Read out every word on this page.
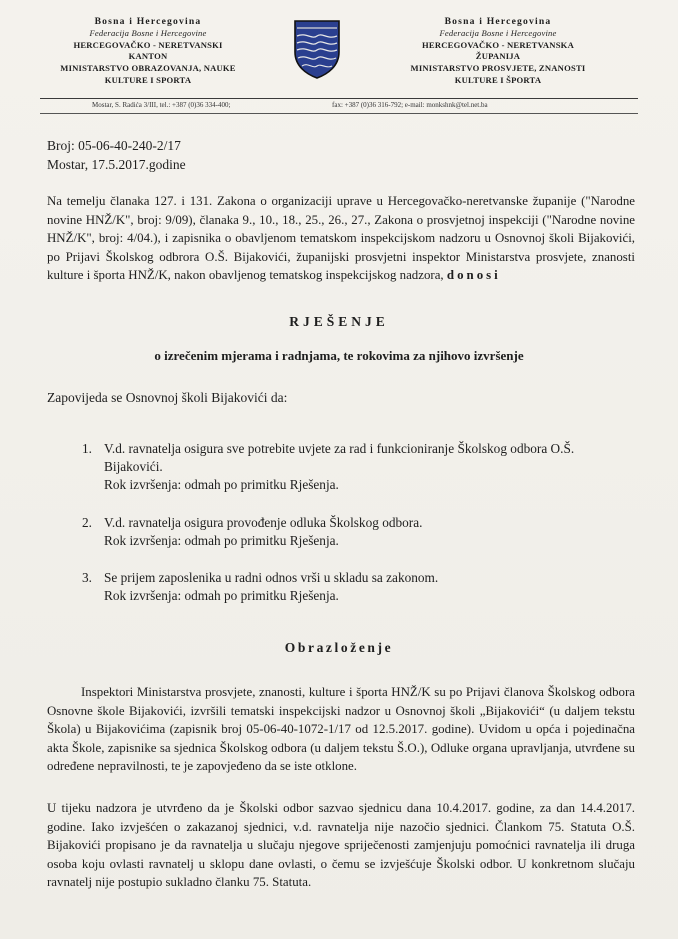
Bosna i Hercegovina
Federacija Bosne i Hercegovine
HERCEGOVAČKO - NERETVANSKI
KANTON
MINISTARSTVO OBRAZOVANJA, NAUKE
KULTURE I SPORTA
Bosna i Hercegovina
Federacija Bosne i Hercegovine
HERCEGOVAČKO - NERETVANSKA
ŽUPANIJA
MINISTARSTVO PROSVJETE, ZNANOSTI
KULTURE I ŠPORTA
Mostar, S. Radića 3/III, tel.: +387 (0)36 334-400;	fax: +387 (0)36 316-792; e-mail: monkshnk@tel.net.ba
Broj: 05-06-40-240-2/17
Mostar, 17.5.2017.godine
Na temelju članaka 127. i 131. Zakona o organizaciji uprave u Hercegovačko-neretvanske županije ("Narodne novine HNŽ/K", broj: 9/09), članaka 9., 10., 18., 25., 26., 27., Zakona o prosvjetnoj inspekciji ("Narodne novine HNŽ/K", broj: 4/04.), i zapisnika o obavljenom tematskom inspekcijskom nadzoru u Osnovnoj školi Bijakovići, po Prijavi Školskog odbrora O.Š. Bijakovići, županijski prosvjetni inspektor Ministarstva prosvjete, znanosti kulture i športa HNŽ/K, nakon obavljenog tematskog inspekcijskog nadzora, donosi
RJEŠENJE
o izrečenim mjerama i radnjama, te rokovima za njihovo izvršenje
Zapovijeda se Osnovnoj školi Bijakovići da:
1. V.d. ravnatelja osigura sve potrebite uvjete za rad i funkcioniranje Školskog odbora O.Š. Bijakovići.
Rok izvršenja: odmah po primitku Rješenja.
2. V.d. ravnatelja osigura provođenje odluka Školskog odbora.
Rok izvršenja: odmah po primitku Rješenja.
3. Se prijem zaposlenika u radni odnos vrši u skladu sa zakonom.
Rok izvršenja: odmah po primitku Rješenja.
Obrazloženje
Inspektori Ministarstva prosvjete, znanosti, kulture i športa HNŽ/K su po Prijavi članova Školskog odbora Osnovne škole Bijakovići, izvršili tematski inspekcijski nadzor u Osnovnoj školi „Bijakovići“ (u daljem tekstu Škola) u Bijakovićima (zapisnik broj 05-06-40-1072-1/17 od 12.5.2017. godine). Uvidom u opća i pojedinačna akta Škole, zapisnike sa sjednica Školskog odbora (u daljem tekstu Š.O.), Odluke organa upravljanja, utvrđene su određene nepravilnosti, te je zapovjeđeno da se iste otklone.
U tijeku nadzora je utvrđeno da je Školski odbor sazvao sjednicu dana 10.4.2017. godine, za dan 14.4.2017. godine. Iako izvješćen o zakazanoj sjednici, v.d. ravnatelja nije nazočio sjednici. Člankom 75. Statuta O.Š. Bijakovići propisano je da ravnatelja u slučaju njegove spriječenosti zamjenjuju pomoćnici ravnatelja ili druga osoba koju ovlasti ravnatelj u sklopu dane ovlasti, o čemu se izvješćuje Školski odbor. U konkretnom slučaju ravnatelj nije postupio sukladno članku 75. Statuta.
